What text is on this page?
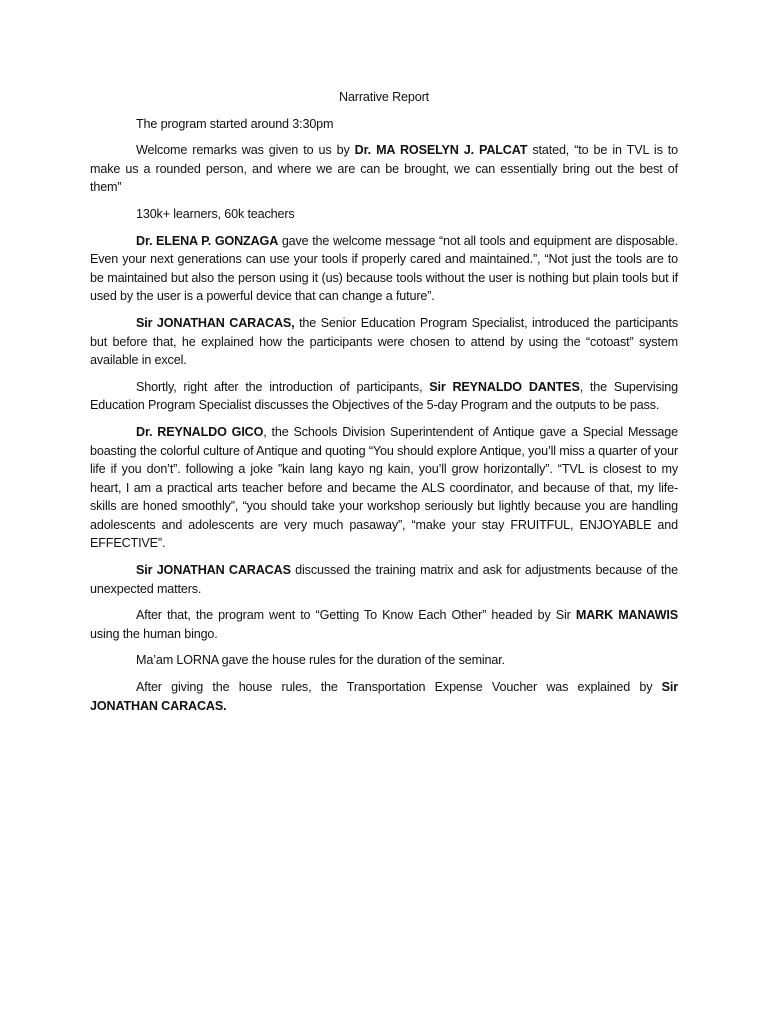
Narrative Report

The program started around 3:30pm

Welcome remarks was given to us by Dr. MA ROSELYN J. PALCAT stated, “to be in TVL is to make us a rounded person, and where we are can be brought, we can essentially bring out the best of them”

130k+ learners, 60k teachers

Dr. ELENA P. GONZAGA gave the welcome message “not all tools and equipment are disposable. Even your next generations can use your tools if properly cared and maintained.”, “Not just the tools are to be maintained but also the person using it (us) because tools without the user is nothing but plain tools but if used by the user is a powerful device that can change a future”.

Sir JONATHAN CARACAS, the Senior Education Program Specialist, introduced the participants but before that, he explained how the participants were chosen to attend by using the “cotoast” system available in excel.

Shortly, right after the introduction of participants, Sir REYNALDO DANTES, the Supervising Education Program Specialist discusses the Objectives of the 5-day Program and the outputs to be pass.

Dr. REYNALDO GICO, the Schools Division Superintendent of Antique gave a Special Message boasting the colorful culture of Antique and quoting “You should explore Antique, you’ll miss a quarter of your life if you don’t”. following a joke ”kain lang kayo ng kain, you’ll grow horizontally”. “TVL is closest to my heart, I am a practical arts teacher before and became the ALS coordinator, and because of that, my life-skills are honed smoothly”, “you should take your workshop seriously but lightly because you are handling adolescents and adolescents are very much pasaway”, “make your stay FRUITFUL, ENJOYABLE and EFFECTIVE”.

Sir JONATHAN CARACAS discussed the training matrix and ask for adjustments because of the unexpected matters.

After that, the program went to “Getting To Know Each Other” headed by Sir MARK MANAWIS using the human bingo.

Ma’am LORNA gave the house rules for the duration of the seminar.

After giving the house rules, the Transportation Expense Voucher was explained by Sir JONATHAN CARACAS.
